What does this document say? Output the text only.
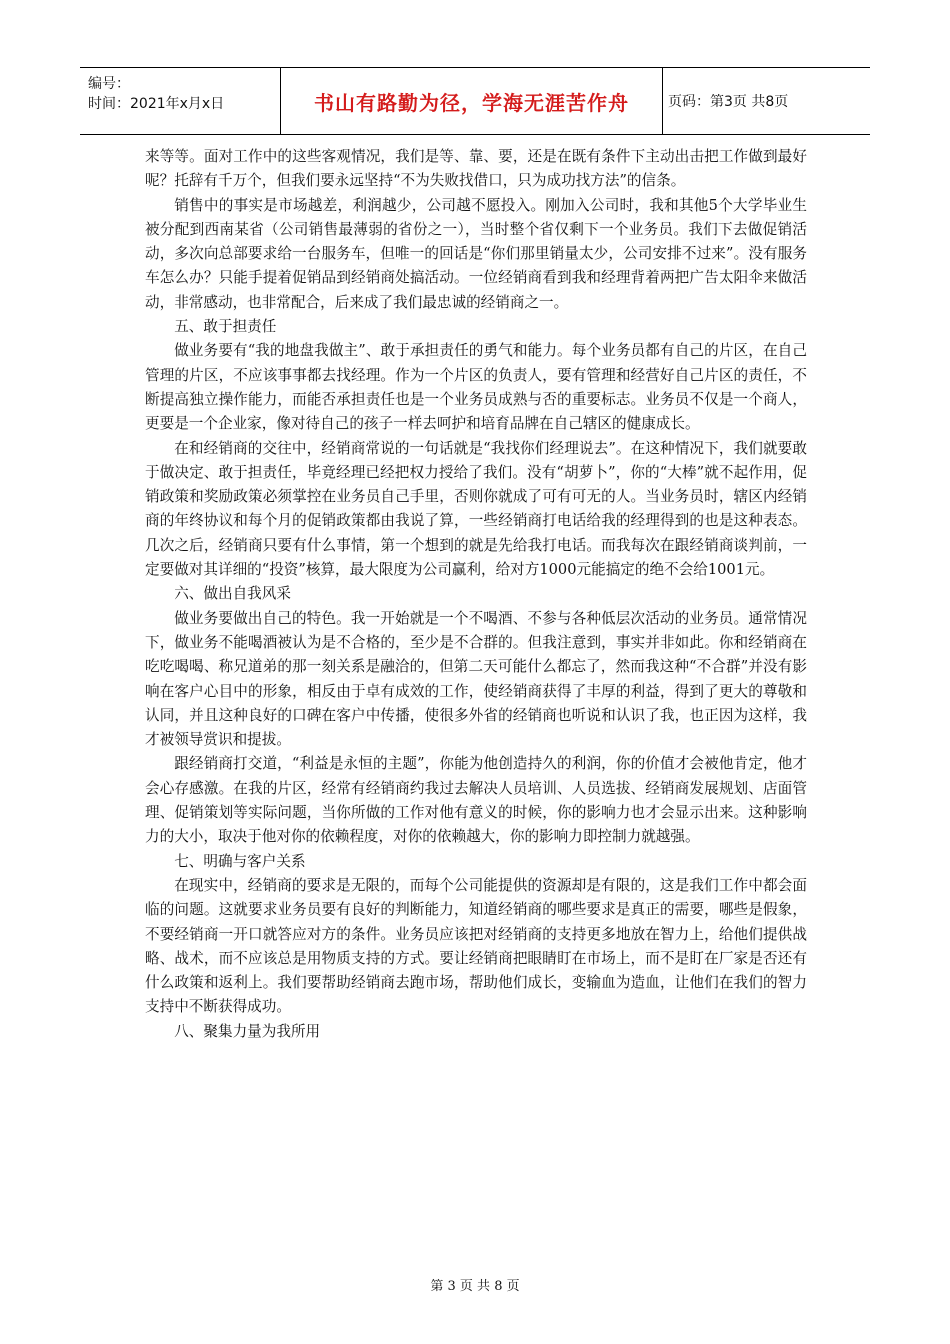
编号：
时间：2021年x月x日	书山有路勤为径，学海无涯苦作舟	页码：第3页 共8页

来等等。面对工作中的这些客观情况，我们是等、靠、要，还是在既有条件下主动出击把工作做到最好呢？托辞有千万个，但我们要永远坚持“不为失败找借口，只为成功找方法”的信条。

销售中的事实是市场越差，利润越少，公司越不愿投入。刚加入公司时，我和其他5个大学毕业生被分配到西南某省（公司销售最薄弱的省份之一），当时整个省仅剩下一个业务员。我们下去做促销活动，多次向总部要求给一台服务车，但唯一的回话是“你们那里销量太少，公司安排不过来”。没有服务车怎么办？只能手提着促销品到经销商处搞活动。一位经销商看到我和经理背着两把广告太阳伞来做活动，非常感动，也非常配合，后来成了我们最忠诚的经销商之一。

五、敢于担责任

做业务要有“我的地盘我做主”、敢于承担责任的勇气和能力。每个业务员都有自己的片区，在自己管理的片区，不应该事事都去找经理。作为一个片区的负责人，要有管理和经营好自己片区的责任，不断提高独立操作能力，而能否承担责任也是一个业务员成熟与否的重要标志。业务员不仅是一个商人，更要是一个企业家，像对待自己的孩子一样去呵护和培育品牌在自己辖区的健康成长。

在和经销商的交往中，经销商常说的一句话就是“我找你们经理说去”。在这种情况下，我们就要敢于做决定、敢于担责任，毕竟经理已经把权力授给了我们。没有“胡萝卜”，你的“大棒”就不起作用，促销政策和奖励政策必须掌控在业务员自己手里，否则你就成了可有可无的人。当业务员时，辖区内经销商的年终协议和每个月的促销政策都由我说了算，一些经销商打电话给我的经理得到的也是这种表态。几次之后，经销商只要有什么事情，第一个想到的就是先给我打电话。而我每次在跟经销商谈判前，一定要做对其详细的“投资”核算，最大限度为公司赢利，给对方1000元能搞定的绝不会给1001元。

六、做出自我风采

做业务要做出自己的特色。我一开始就是一个不喝酒、不参与各种低层次活动的业务员。通常情况下，做业务不能喝酒被认为是不合格的，至少是不合群的。但我注意到，事实并非如此。你和经销商在吃吃喝喝、称兄道弟的那一刻关系是融洽的，但第二天可能什么都忘了，然而我这种“不合群”并没有影响在客户心目中的形象，相反由于卓有成效的工作，使经销商获得了丰厚的利益，得到了更大的尊敬和认同，并且这种良好的口碑在客户中传播，使很多外省的经销商也听说和认识了我，也正因为这样，我才被领导赏识和提拔。

跟经销商打交道，“利益是永恒的主题”，你能为他创造持久的利润，你的价值才会被他肯定，他才会心存感激。在我的片区，经常有经销商约我过去解决人员培训、人员选拔、经销商发展规划、店面管理、促销策划等实际问题，当你所做的工作对他有意义的时候，你的影响力也才会显示出来。这种影响力的大小，取决于他对你的依赖程度，对你的依赖越大，你的影响力即控制力就越强。

七、明确与客户关系

在现实中，经销商的要求是无限的，而每个公司能提供的资源却是有限的，这是我们工作中都会面临的问题。这就要求业务员要有良好的判断能力，知道经销商的哪些要求是真正的需要，哪些是假象，不要经销商一开口就答应对方的条件。业务员应该把对经销商的支持更多地放在智力上，给他们提供战略、战术，而不应该总是用物质支持的方式。要让经销商把眼睛盯在市场上，而不是盯在厂家是否还有什么政策和返利上。我们要帮助经销商去跑市场，帮助他们成长，变输血为造血，让他们在我们的智力支持中不断获得成功。

八、聚集力量为我所用

第 3 页 共 8 页
